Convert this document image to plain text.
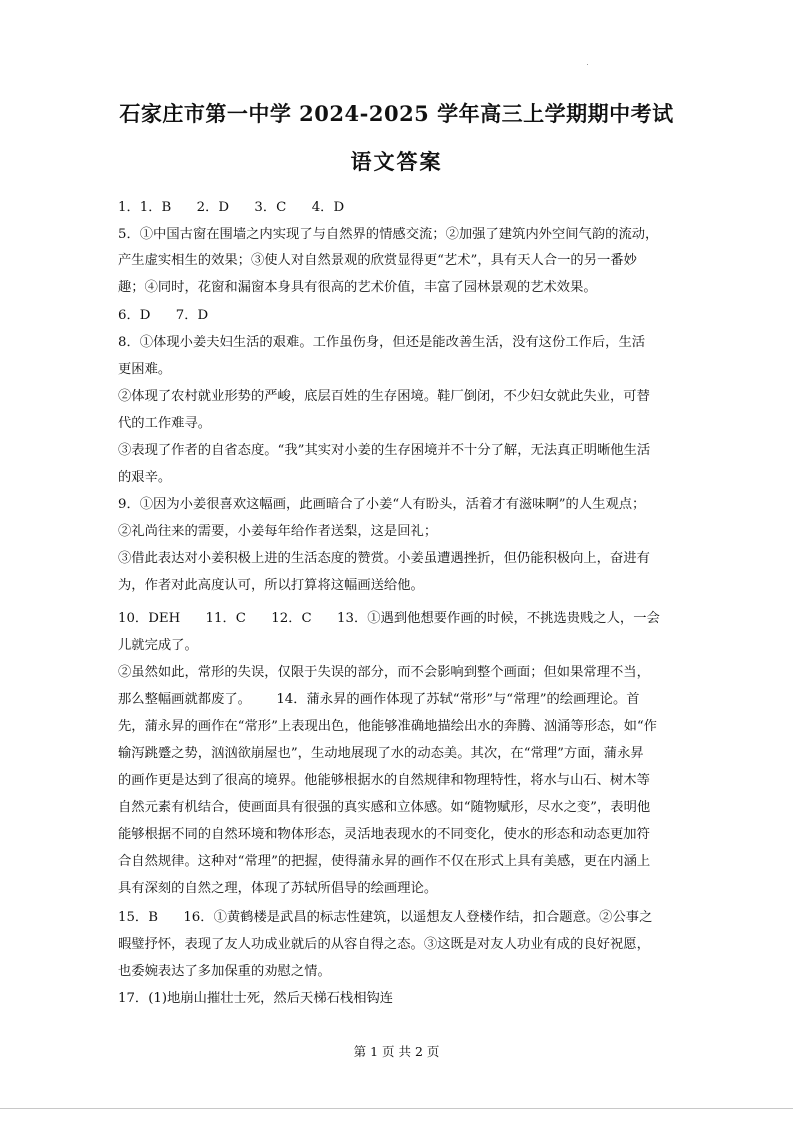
石家庄市第一中学 2024-2025 学年高三上学期期中考试
语文答案
1．1．B      2．D      3．C      4．D
5．①中国古窗在围墙之内实现了与自然界的情感交流；②加强了建筑内外空间气韵的流动，
产生虚实相生的效果；③使人对自然景观的欣赏显得更“艺术”，具有天人合一的另一番妙
趣；④同时，花窗和漏窗本身具有很高的艺术价值，丰富了园林景观的艺术效果。
6．D      7．D
8．①体现小姜夫妇生活的艰难。工作虽伤身，但还是能改善生活，没有这份工作后，生活
更困难。
②体现了农村就业形势的严峻，底层百姓的生存困境。鞋厂倒闭，不少妇女就此失业，可替
代的工作难寻。
③表现了作者的自省态度。“我”其实对小姜的生存困境并不十分了解，无法真正明晰他生活
的艰辛。
9．①因为小姜很喜欢这幅画，此画暗合了小姜“人有盼头，活着才有滋味啊”的人生观点；
②礼尚往来的需要，小姜每年给作者送梨，这是回礼；
③借此表达对小姜积极上进的生活态度的赞赏。小姜虽遭遇挫折，但仍能积极向上，奋进有
为，作者对此高度认可，所以打算将这幅画送给他。
10．DEH      11．C      12．C      13．①遇到他想要作画的时候，不挑选贵贱之人，一会
儿就完成了。
②虽然如此，常形的失误，仅限于失误的部分，而不会影响到整个画面；但如果常理不当，
那么整幅画就都废了。      14．蒲永昇的画作体现了苏轼“常形”与“常理”的绘画理论。首
先，蒲永昇的画作在“常形”上表现出色，他能够准确地描绘出水的奔腾、汹涌等形态，如“作
输泻跳蹙之势，汹汹欲崩屋也”，生动地展现了水的动态美。其次，在“常理”方面，蒲永昇
的画作更是达到了很高的境界。他能够根据水的自然规律和物理特性，将水与山石、树木等
自然元素有机结合，使画面具有很强的真实感和立体感。如“随物赋形，尽水之变”，表明他
能够根据不同的自然环境和物体形态，灵活地表现水的不同变化，使水的形态和动态更加符
合自然规律。这种对“常理”的把握，使得蒲永昇的画作不仅在形式上具有美感，更在内涵上
具有深刻的自然之理，体现了苏轼所倡导的绘画理论。
15．B      16．①黄鹤楼是武昌的标志性建筑，以遥想友人登楼作结，扣合题意。②公事之
暇璧抒怀，表现了友人功成业就后的从容自得之态。③这既是对友人功业有成的良好祝愿，
也委婉表达了多加保重的劝慰之情。
17．(1)地崩山摧壮士死，然后天梯石栈相钩连
第 1 页 共 2 页
